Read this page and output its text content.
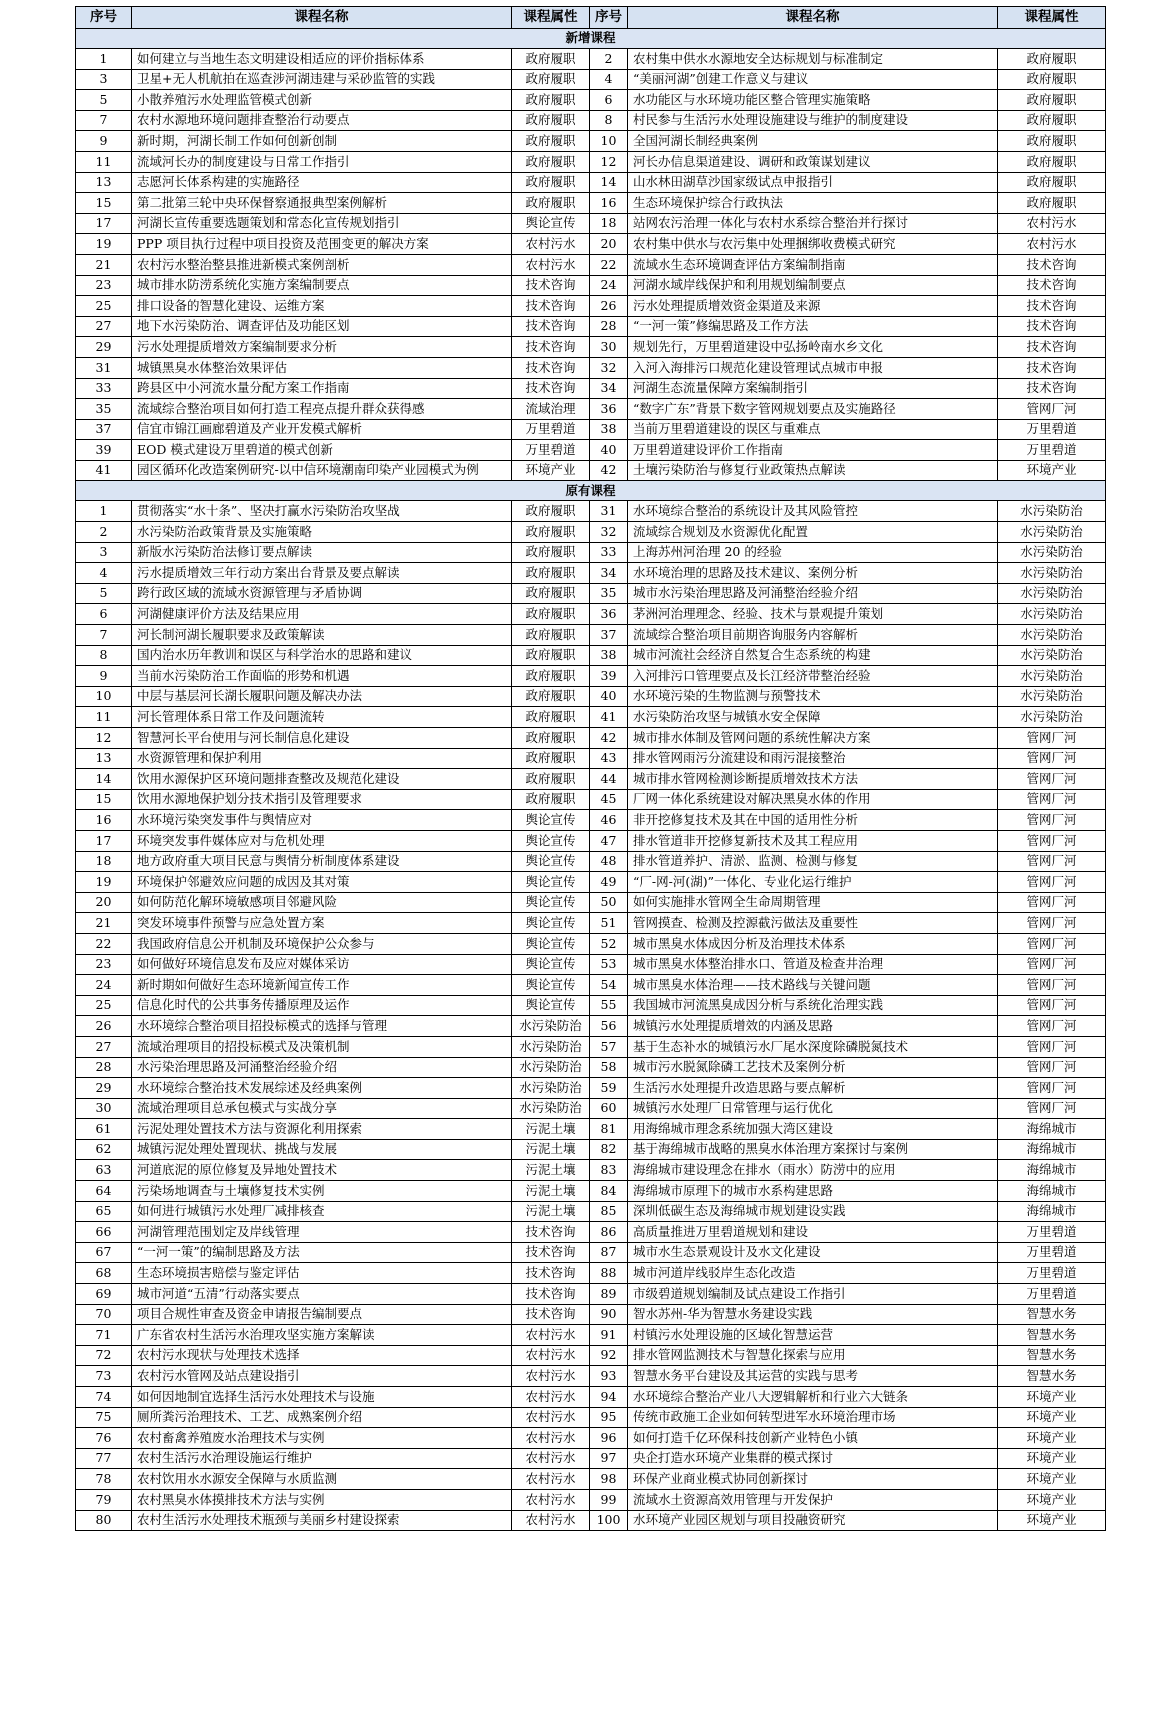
序号	课程名称	课程属性	序号	课程名称	课程属性
新增课程					
1	如何建立与当地生态文明建设相适应的评价指标体系	政府履职	2	农村集中供水水源地安全达标规划与标准制定	政府履职
3	卫星+无人机航拍在巡查涉河湖违建与采砂监管的实践	政府履职	4	“美丽河湖”创建工作意义与建议	政府履职
5	小散养殖污水处理监管模式创新	政府履职	6	水功能区与水环境功能区整合管理实施策略	政府履职
7	农村水源地环境问题排查整治行动要点	政府履职	8	村民参与生活污水处理设施建设与维护的制度建设	政府履职
9	新时期，河湖长制工作如何创新创制	政府履职	10	全国河湖长制经典案例	政府履职
11	流域河长办的制度建设与日常工作指引	政府履职	12	河长办信息渠道建设、调研和政策谋划建议	政府履职
13	志愿河长体系构建的实施路径	政府履职	14	山水林田湖草沙国家级试点申报指引	政府履职
15	第二批第三轮中央环保督察通报典型案例解析	政府履职	16	生态环境保护综合行政执法	政府履职
17	河湖长宣传重要选题策划和常态化宣传规划指引	舆论宣传	18	站网农污治理一体化与农村水系综合整治并行探讨	农村污水
19	PPP 项目执行过程中项目投资及范围变更的解决方案	农村污水	20	农村集中供水与农污集中处理捆绑收费模式研究	农村污水
21	农村污水整治整县推进新模式案例剖析	农村污水	22	流域水生态环境调查评估方案编制指南	技术咨询
23	城市排水防涝系统化实施方案编制要点	技术咨询	24	河湖水域岸线保护和利用规划编制要点	技术咨询
25	排口设备的智慧化建设、运维方案	技术咨询	26	污水处理提质增效资金渠道及来源	技术咨询
27	地下水污染防治、调查评估及功能区划	技术咨询	28	“一河一策”修编思路及工作方法	技术咨询
29	污水处理提质增效方案编制要求分析	技术咨询	30	规划先行，万里碧道建设中弘扬岭南水乡文化	技术咨询
31	城镇黑臭水体整治效果评估	技术咨询	32	入河入海排污口规范化建设管理试点城市申报	技术咨询
33	跨县区中小河流水量分配方案工作指南	技术咨询	34	河湖生态流量保障方案编制指引	技术咨询
35	流域综合整治项目如何打造工程亮点提升群众获得感	流域治理	36	“数字广东”背景下数字管网规划要点及实施路径	管网厂河
37	信宜市锦江画廊碧道及产业开发模式解析	万里碧道	38	当前万里碧道建设的误区与重难点	万里碧道
39	EOD 模式建设万里碧道的模式创新	万里碧道	40	万里碧道建设评价工作指南	万里碧道
41	园区循环化改造案例研究-以中信环境潮南印染产业园模式为例	环境产业	42	土壤污染防治与修复行业政策热点解读	环境产业
原有课程					
1	贯彻落实“水十条”、坚决打赢水污染防治攻坚战	政府履职	31	水环境综合整治的系统设计及其风险管控	水污染防治
2	水污染防治政策背景及实施策略	政府履职	32	流域综合规划及水资源优化配置	水污染防治
3	新版水污染防治法修订要点解读	政府履职	33	上海苏州河治理 20 的经验	水污染防治
4	污水提质增效三年行动方案出台背景及要点解读	政府履职	34	水环境治理的思路及技术建议、案例分析	水污染防治
5	跨行政区域的流域水资源管理与矛盾协调	政府履职	35	城市水污染治理思路及河涌整治经验介绍	水污染防治
6	河湖健康评价方法及结果应用	政府履职	36	茅洲河治理理念、经验、技术与景观提升策划	水污染防治
7	河长制河湖长履职要求及政策解读	政府履职	37	流域综合整治项目前期咨询服务内容解析	水污染防治
8	国内治水历年教训和误区与科学治水的思路和建议	政府履职	38	城市河流社会经济自然复合生态系统的构建	水污染防治
9	当前水污染防治工作面临的形势和机遇	政府履职	39	入河排污口管理要点及长江经济带整治经验	水污染防治
10	中层与基层河长湖长履职问题及解决办法	政府履职	40	水环境污染的生物监测与预警技术	水污染防治
11	河长管理体系日常工作及问题流转	政府履职	41	水污染防治攻坚与城镇水安全保障	水污染防治
12	智慧河长平台使用与河长制信息化建设	政府履职	42	城市排水体制及管网问题的系统性解决方案	管网厂河
13	水资源管理和保护利用	政府履职	43	排水管网雨污分流建设和雨污混接整治	管网厂河
14	饮用水源保护区环境问题排查整改及规范化建设	政府履职	44	城市排水管网检测诊断提质增效技术方法	管网厂河
15	饮用水源地保护划分技术指引及管理要求	政府履职	45	厂网一体化系统建设对解决黑臭水体的作用	管网厂河
16	水环境污染突发事件与舆情应对	舆论宣传	46	非开挖修复技术及其在中国的适用性分析	管网厂河
17	环境突发事件媒体应对与危机处理	舆论宣传	47	排水管道非开挖修复新技术及其工程应用	管网厂河
18	地方政府重大项目民意与舆情分析制度体系建设	舆论宣传	48	排水管道养护、清淤、监测、检测与修复	管网厂河
19	环境保护邻避效应问题的成因及其对策	舆论宣传	49	“厂-网-河(湖)”一体化、专业化运行维护	管网厂河
20	如何防范化解环境敏感项目邻避风险	舆论宣传	50	如何实施排水管网全生命周期管理	管网厂河
21	突发环境事件预警与应急处置方案	舆论宣传	51	管网摸查、检测及控源截污做法及重要性	管网厂河
22	我国政府信息公开机制及环境保护公众参与	舆论宣传	52	城市黑臭水体成因分析及治理技术体系	管网厂河
23	如何做好环境信息发布及应对媒体采访	舆论宣传	53	城市黑臭水体整治排水口、管道及检查井治理	管网厂河
24	新时期如何做好生态环境新闻宣传工作	舆论宣传	54	城市黑臭水体治理——技术路线与关键问题	管网厂河
25	信息化时代的公共事务传播原理及运作	舆论宣传	55	我国城市河流黑臭成因分析与系统化治理实践	管网厂河
26	水环境综合整治项目招投标模式的选择与管理	水污染防治	56	城镇污水处理提质增效的内涵及思路	管网厂河
27	流域治理项目的招投标模式及决策机制	水污染防治	57	基于生态补水的城镇污水厂尾水深度除磷脱氮技术	管网厂河
28	水污染治理思路及河涌整治经验介绍	水污染防治	58	城市污水脱氮除磷工艺技术及案例分析	管网厂河
29	水环境综合整治技术发展综述及经典案例	水污染防治	59	生活污水处理提升改造思路与要点解析	管网厂河
30	流域治理项目总承包模式与实战分享	水污染防治	60	城镇污水处理厂日常管理与运行优化	管网厂河
61	污泥处理处置技术方法与资源化利用探索	污泥土壤	81	用海绵城市理念系统加强大湾区建设	海绵城市
62	城镇污泥处理处置现状、挑战与发展	污泥土壤	82	基于海绵城市战略的黑臭水体治理方案探讨与案例	海绵城市
63	河道底泥的原位修复及异地处置技术	污泥土壤	83	海绵城市建设理念在排水（雨水）防涝中的应用	海绵城市
64	污染场地调查与土壤修复技术实例	污泥土壤	84	海绵城市原理下的城市水系构建思路	海绵城市
65	如何进行城镇污水处理厂减排核查	污泥土壤	85	深圳低碳生态及海绵城市规划建设实践	海绵城市
66	河湖管理范围划定及岸线管理	技术咨询	86	高质量推进万里碧道规划和建设	万里碧道
67	“一河一策”的编制思路及方法	技术咨询	87	城市水生态景观设计及水文化建设	万里碧道
68	生态环境损害赔偿与鉴定评估	技术咨询	88	城市河道岸线驳岸生态化改造	万里碧道
69	城市河道“五清”行动落实要点	技术咨询	89	市级碧道规划编制及试点建设工作指引	万里碧道
70	项目合规性审查及资金申请报告编制要点	技术咨询	90	智水苏州-华为智慧水务建设实践	智慧水务
71	广东省农村生活污水治理攻坚实施方案解读	农村污水	91	村镇污水处理设施的区域化智慧运营	智慧水务
72	农村污水现状与处理技术选择	农村污水	92	排水管网监测技术与智慧化探索与应用	智慧水务
73	农村污水管网及站点建设指引	农村污水	93	智慧水务平台建设及其运营的实践与思考	智慧水务
74	如何因地制宜选择生活污水处理技术与设施	农村污水	94	水环境综合整治产业八大逻辑解析和行业六大链条	环境产业
75	厕所粪污治理技术、工艺、成熟案例介绍	农村污水	95	传统市政施工企业如何转型进军水环境治理市场	环境产业
76	农村畜禽养殖废水治理技术与实例	农村污水	96	如何打造千亿环保科技创新产业特色小镇	环境产业
77	农村生活污水治理设施运行维护	农村污水	97	央企打造水环境产业集群的模式探讨	环境产业
78	农村饮用水水源安全保障与水质监测	农村污水	98	环保产业商业模式协同创新探讨	环境产业
79	农村黑臭水体摸排技术方法与实例	农村污水	99	流域水土资源高效用管理与开发保护	环境产业
80	农村生活污水处理技术瓶颈与美丽乡村建设探索	农村污水	100	水环境产业园区规划与项目投融资研究	环境产业
